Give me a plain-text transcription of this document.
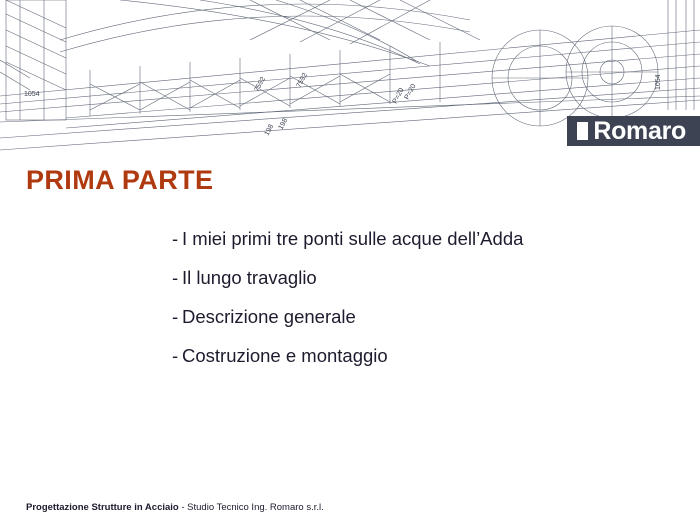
1054
1054
7592	7592
198
198
P=20
P=20
Romaro
PRIMA PARTE
- I miei primi tre ponti sulle acque dell’Adda
- Il lungo travaglio
- Descrizione generale
- Costruzione e montaggio
Progettazione Strutture in Acciaio - Studio Tecnico Ing. Romaro s.r.l.
